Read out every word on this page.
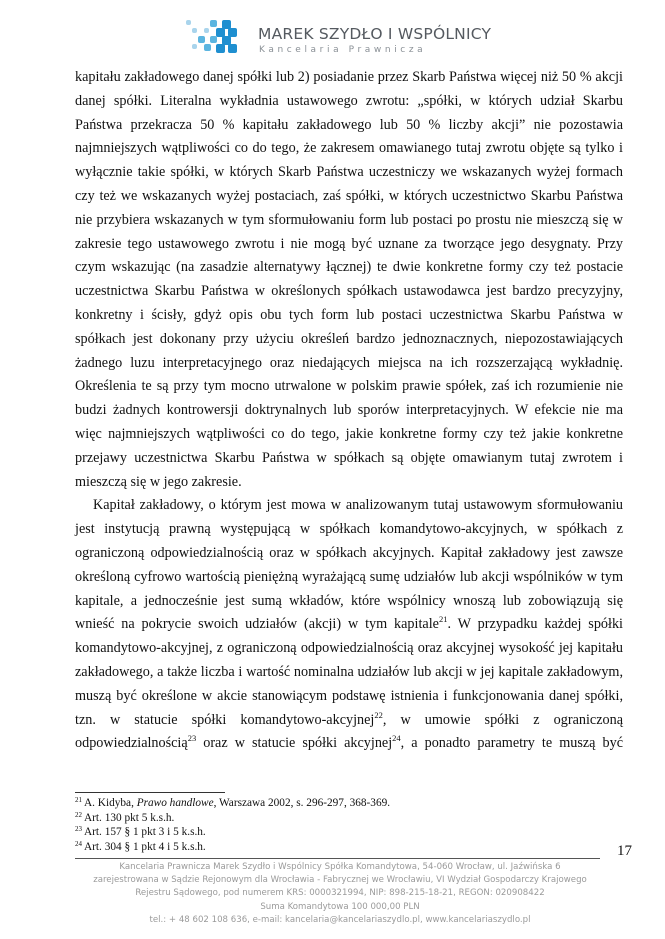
MAREK SZYDŁO I WSPÓLNICY
Kancelaria Prawnicza
kapitału zakładowego danej spółki lub 2) posiadanie przez Skarb Państwa więcej niż 50 % akcji
danej spółki. Literalna wykładnia ustawowego zwrotu: „spółki, w których udział Skarbu
Państwa przekracza 50 % kapitału zakładowego lub 50 % liczby akcji” nie pozostawia
najmniejszych wątpliwości co do tego, że zakresem omawianego tutaj zwrotu objęte są tylko i
wyłącznie takie spółki, w których Skarb Państwa uczestniczy we wskazanych wyżej formach
czy też we wskazanych wyżej postaciach, zaś spółki, w których uczestnictwo Skarbu Państwa
nie przybiera wskazanych w tym sformułowaniu form lub postaci po prostu nie mieszczą się w
zakresie tego ustawowego zwrotu i nie mogą być uznane za tworzące jego desygnaty. Przy
czym wskazując (na zasadzie alternatywy łącznej) te dwie konkretne formy czy też postacie
uczestnictwa Skarbu Państwa w określonych spółkach ustawodawca jest bardzo precyzyjny,
konkretny i ścisły, gdyż opis obu tych form lub postaci uczestnictwa Skarbu Państwa w
spółkach jest dokonany przy użyciu określeń bardzo jednoznacznych, niepozostawiających
żadnego luzu interpretacyjnego oraz niedających miejsca na ich rozszerzającą wykładnię.
Określenia te są przy tym mocno utrwalone w polskim prawie spółek, zaś ich rozumienie nie
budzi żadnych kontrowersji doktrynalnych lub sporów interpretacyjnych. W efekcie nie ma
więc najmniejszych wątpliwości co do tego, jakie konkretne formy czy też jakie konkretne
przejawy uczestnictwa Skarbu Państwa w spółkach są objęte omawianym tutaj zwrotem i
mieszczą się w jego zakresie.
Kapitał zakładowy, o którym jest mowa w analizowanym tutaj ustawowym sformułowaniu
jest instytucją prawną występującą w spółkach komandytowo-akcyjnych, w spółkach z
ograniczoną odpowiedzialnością oraz w spółkach akcyjnych. Kapitał zakładowy jest zawsze
określoną cyfrowo wartością pieniężną wyrażającą sumę udziałów lub akcji wspólników w tym
kapitale, a jednocześnie jest sumą wkładów, które wspólnicy wnoszą lub zobowiązują się
wnieść na pokrycie swoich udziałów (akcji) w tym kapitale$^{21}$. W przypadku każdej spółki
komandytowo-akcyjnej, z ograniczoną odpowiedzialnością oraz akcyjnej wysokość jej kapitału
zakładowego, a także liczba i wartość nominalna udziałów lub akcji w jej kapitale zakładowym,
muszą być określone w akcie stanowiącym podstawę istnienia i funkcjonowania danej spółki,
tzn. w statucie spółki komandytowo-akcyjnej$^{22}$, w umowie spółki z ograniczoną
odpowiedzialnością$^{23}$ oraz w statucie spółki akcyjnej$^{24}$, a ponadto parametry te muszą być
$^{21}$ A. Kidyba, Prawo handlowe, Warszawa 2002, s. 296-297, 368-369.
$^{22}$ Art. 130 pkt 5 k.s.h.
$^{23}$ Art. 157 § 1 pkt 3 i 5 k.s.h.
$^{24}$ Art. 304 § 1 pkt 4 i 5 k.s.h.	17
Kancelaria Prawnicza Marek Szydło i Wspólnicy Spółka Komandytowa, 54-060 Wrocław, ul. Jaźwińska 6
zarejestrowana w Sądzie Rejonowym dla Wrocławia - Fabrycznej we Wrocławiu, VI Wydział Gospodarczy Krajowego
Rejestru Sądowego, pod numerem KRS: 0000321994, NIP: 898-215-18-21, REGON: 020908422
Suma Komandytowa 100 000,00 PLN
tel.: + 48 602 108 636, e-mail: kancelaria@kancelariaszydlo.pl, www.kancelariaszydlo.pl
